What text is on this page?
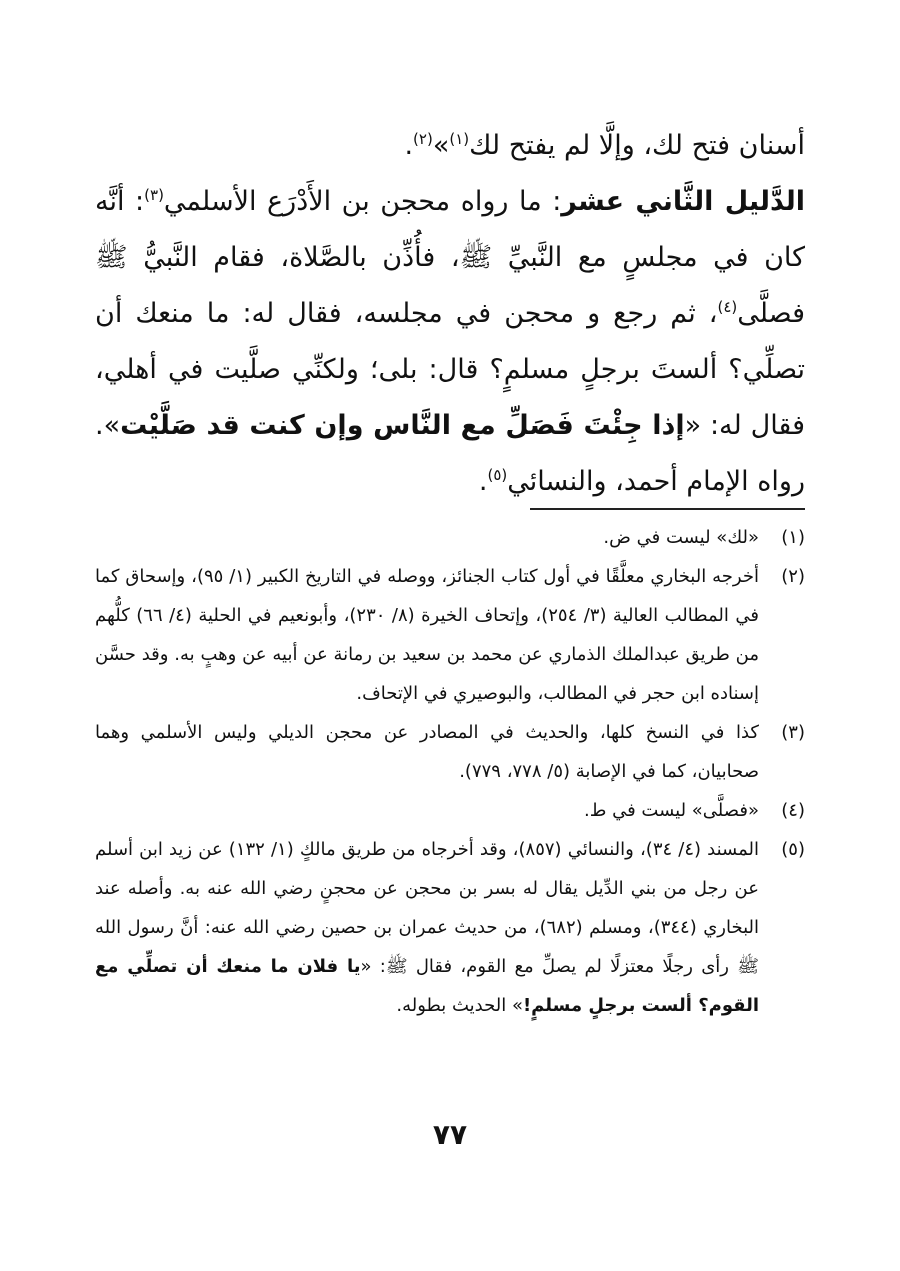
أسنان فتح لك، وإلَّا لم يفتح لك$^{(١)}$»$^{(٢)}$.

الدَّليل الثَّاني عشر: ما رواه محجن بن الأَدْرَع الأسلمي$^{(٣)}$: أنَّه كان في مجلسٍ مع النَّبيِّ ﷺ، فأُذِّن بالصَّلاة، فقام النَّبيُّ ﷺ فصلَّى$^{(٤)}$، ثم رجع و محجن في مجلسه، فقال له: ما منعك أن تصلِّي؟ ألستَ برجلٍ مسلمٍ؟ قال: بلى؛ ولكنِّي صلَّيت في أهلي، فقال له: «إذا جِئْتَ فَصَلِّ مع النَّاس وإن كنت قد صَلَّيْت». رواه الإمام أحمد، والنسائي$^{(٥)}$.

(١)
«لك» ليست في ض.
(٢)
أخرجه البخاري معلَّقًا في أول كتاب الجنائز، ووصله في التاريخ الكبير (١/ ٩٥)، وإسحاق كما في المطالب العالية (٣/ ٢٥٤)، وإتحاف الخيرة (٨/ ٢٣٠)، وأبونعيم في الحلية (٤/ ٦٦) كلُّهم من طريق عبدالملك الذماري عن محمد بن سعيد بن رمانة عن أبيه عن وهبٍ به. وقد حسَّن إسناده ابن حجر في المطالب، والبوصيري في الإتحاف.
(٣)
كذا في النسخ كلها، والحديث في المصادر عن محجن الديلي وليس الأسلمي وهما صحابيان، كما في الإصابة (٥/ ٧٧٨، ٧٧٩).
(٤)
«فصلَّى» ليست في ط.
(٥)
المسند (٤/ ٣٤)، والنسائي (٨٥٧)، وقد أخرجاه من طريق مالكٍ (١/ ١٣٢) عن زيد ابن أسلم عن رجل من بني الدِّيل يقال له بسر بن محجن عن محجنٍ رضي الله عنه به. وأصله عند البخاري (٣٤٤)، ومسلم (٦٨٢)، من حديث عمران بن حصين رضي الله عنه: أنَّ رسول الله ﷺ رأى رجلًا معتزلًا لم يصلِّ مع القوم، فقال ﷺ: «يا فلان ما منعك أن تصلِّي مع القوم؟ ألست برجلٍ مسلمٍ!» الحديث بطوله.
٧٧
